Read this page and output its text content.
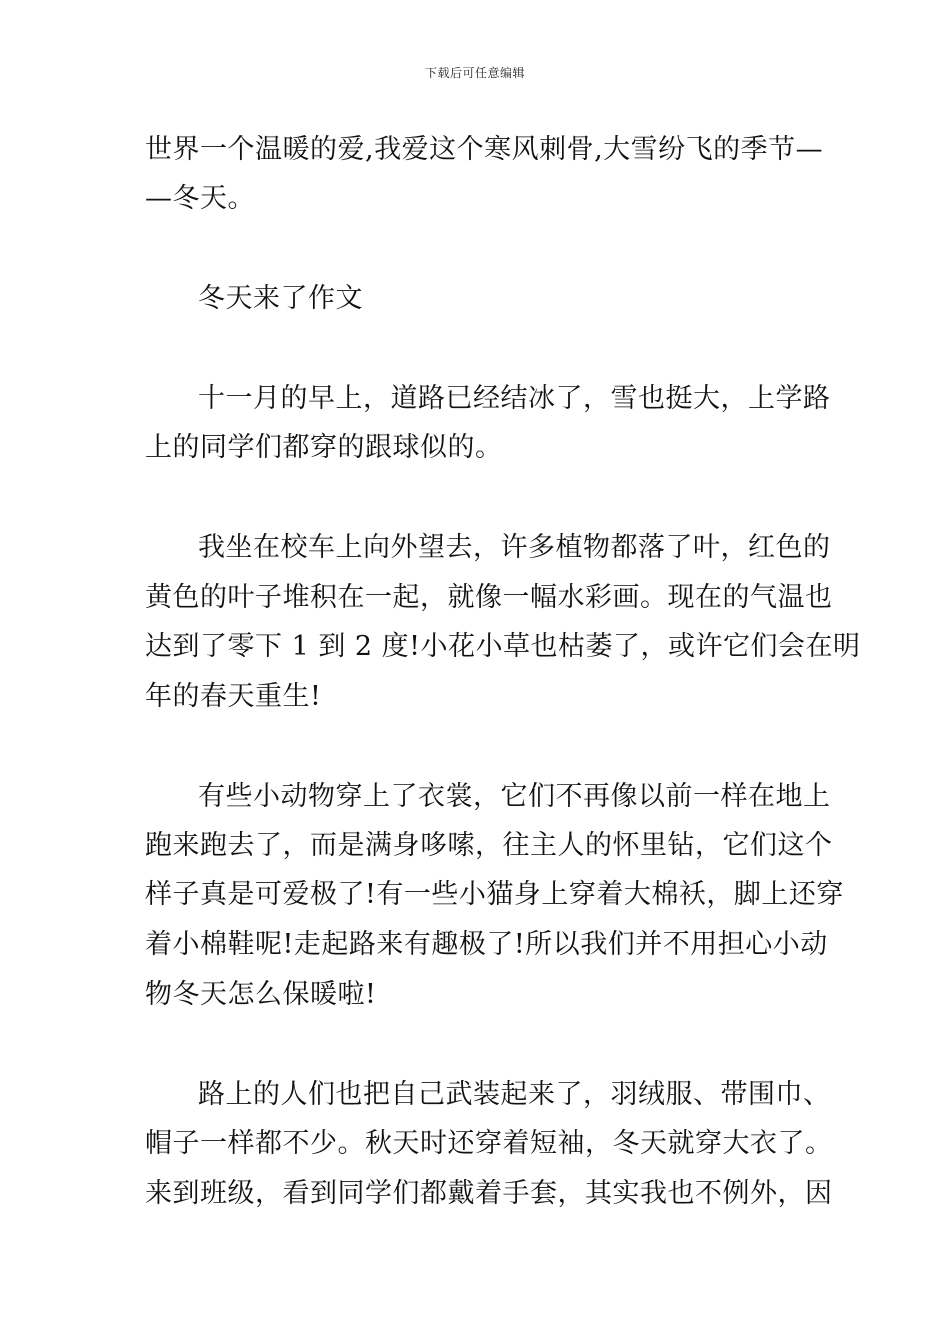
下载后可任意编辑
世界一个温暖的爱,我爱这个寒风刺骨,大雪纷飞的季节—
—冬天。
冬天来了作文
十一月的早上，道路已经结冰了，雪也挺大，上学路
上的同学们都穿的跟球似的。
我坐在校车上向外望去，许多植物都落了叶，红色的
黄色的叶子堆积在一起，就像一幅水彩画。现在的气温也
达到了零下 1 到 2 度!小花小草也枯萎了，或许它们会在明
年的春天重生!
有些小动物穿上了衣裳，它们不再像以前一样在地上
跑来跑去了，而是满身哆嗦，往主人的怀里钻，它们这个
样子真是可爱极了!有一些小猫身上穿着大棉袄，脚上还穿
着小棉鞋呢!走起路来有趣极了!所以我们并不用担心小动
物冬天怎么保暖啦!
路上的人们也把自己武装起来了，羽绒服、带围巾、
帽子一样都不少。秋天时还穿着短袖，冬天就穿大衣了。
来到班级，看到同学们都戴着手套，其实我也不例外，因
